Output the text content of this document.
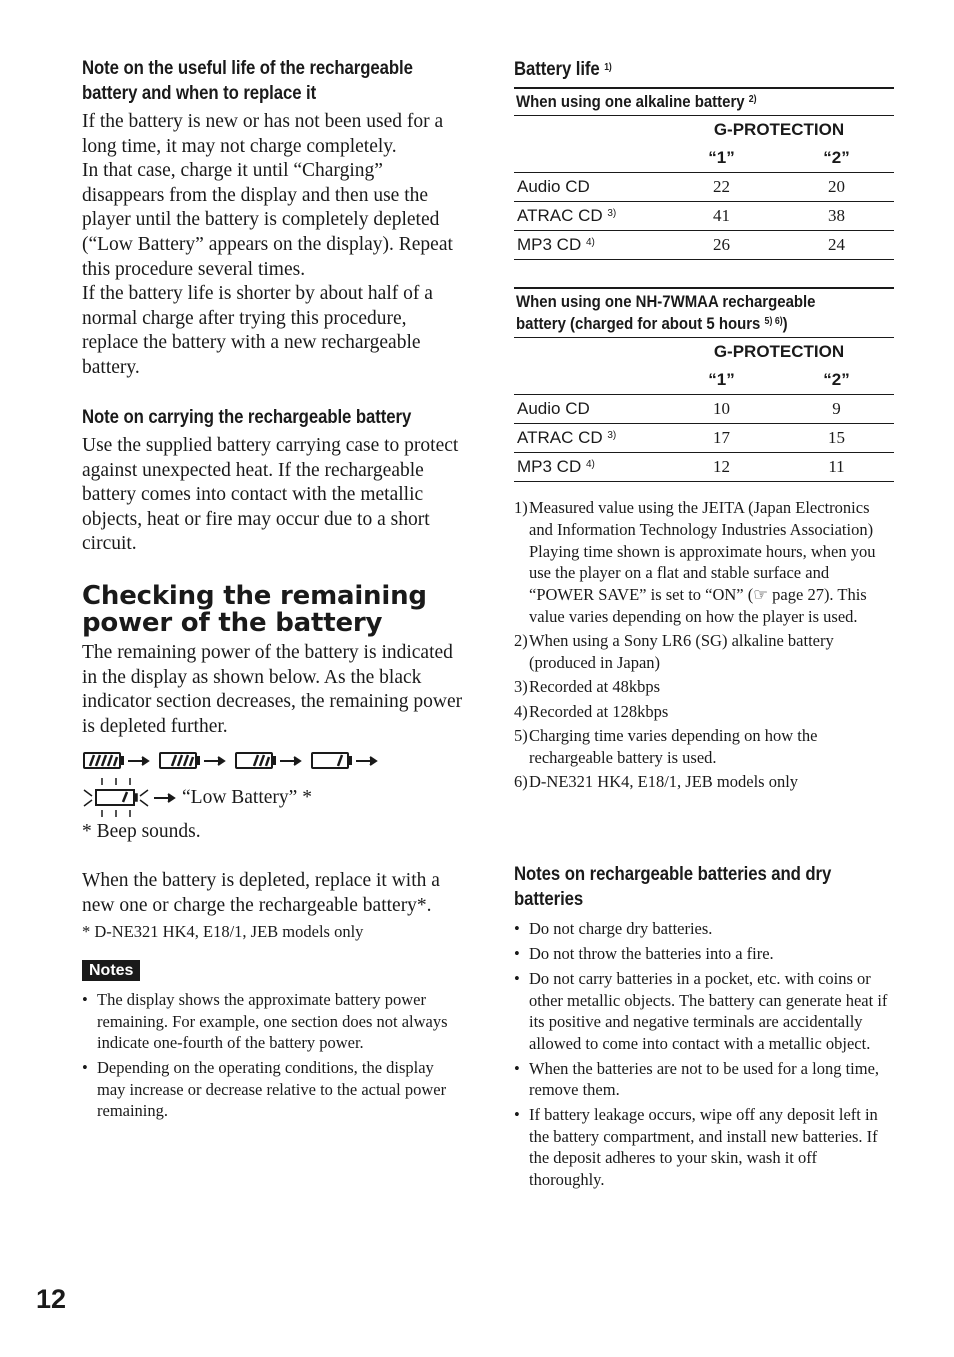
Note on the useful life of the rechargeable battery and when to replace it

If the battery is new or has not been used for a long time, it may not charge completely.

In that case, charge it until “Charging” disappears from the display and then use the player until the battery is completely depleted (“Low Battery” appears on the display). Repeat this procedure several times.

If the battery life is shorter by about half of a normal charge after trying this procedure, replace the battery with a new rechargeable battery.

Note on carrying the rechargeable battery

Use the supplied battery carrying case to protect against unexpected heat. If the rechargeable battery comes into contact with the metallic objects, heat or fire may occur due to a short circuit.

Checking the remaining power of the battery

The remaining power of the battery is indicated in the display as shown below. As the black indicator section decreases, the remaining power is depleted further.

“Low Battery” *

* Beep sounds.

When the battery is depleted, replace it with a new one or charge the rechargeable battery*.

* D-NE321 HK4, E18/1, JEB models only

Notes
• The display shows the approximate battery power remaining. For example, one section does not always indicate one-fourth of the battery power.
• Depending on the operating conditions, the display may increase or decrease relative to the actual power remaining.
Battery life $^{1)}$
When using one alkaline battery $^{2)}$

	G-PROTECTION	
	“1”	“2”
Audio CD	22	20
ATRAC CD $^{3)}$	41	38
MP3 CD $^{4)}$	26	24
When using one NH-7WMAA rechargeable
battery (charged for about 5 hours $^{5) 6)}$)		

	G-PROTECTION	
	“1”	“2”
Audio CD	10	9
ATRAC CD $^{3)}$	17	15
MP3 CD $^{4)}$	12	11
1) Measured value using the JEITA (Japan Electronics and Information Technology Industries Association)
Playing time shown is approximate hours, when you use the player on a flat and stable surface and “POWER SAVE” is set to “ON” (☞ page 27). This value varies depending on how the player is used.
2) When using a Sony LR6 (SG) alkaline battery (produced in Japan)
3) Recorded at 48kbps
4) Recorded at 128kbps
5) Charging time varies depending on how the rechargeable battery is used.
6) D-NE321 HK4, E18/1, JEB models only
Notes on rechargeable batteries and dry batteries
• Do not charge dry batteries.
• Do not throw the batteries into a fire.
• Do not carry batteries in a pocket, etc. with coins or other metallic objects. The battery can generate heat if its positive and negative terminals are accidentally allowed to come into contact with a metallic object.
• When the batteries are not to be used for a long time, remove them.
• If battery leakage occurs, wipe off any deposit left in the battery compartment, and install new batteries. If the deposit adheres to your skin, wash it off thoroughly.
12
